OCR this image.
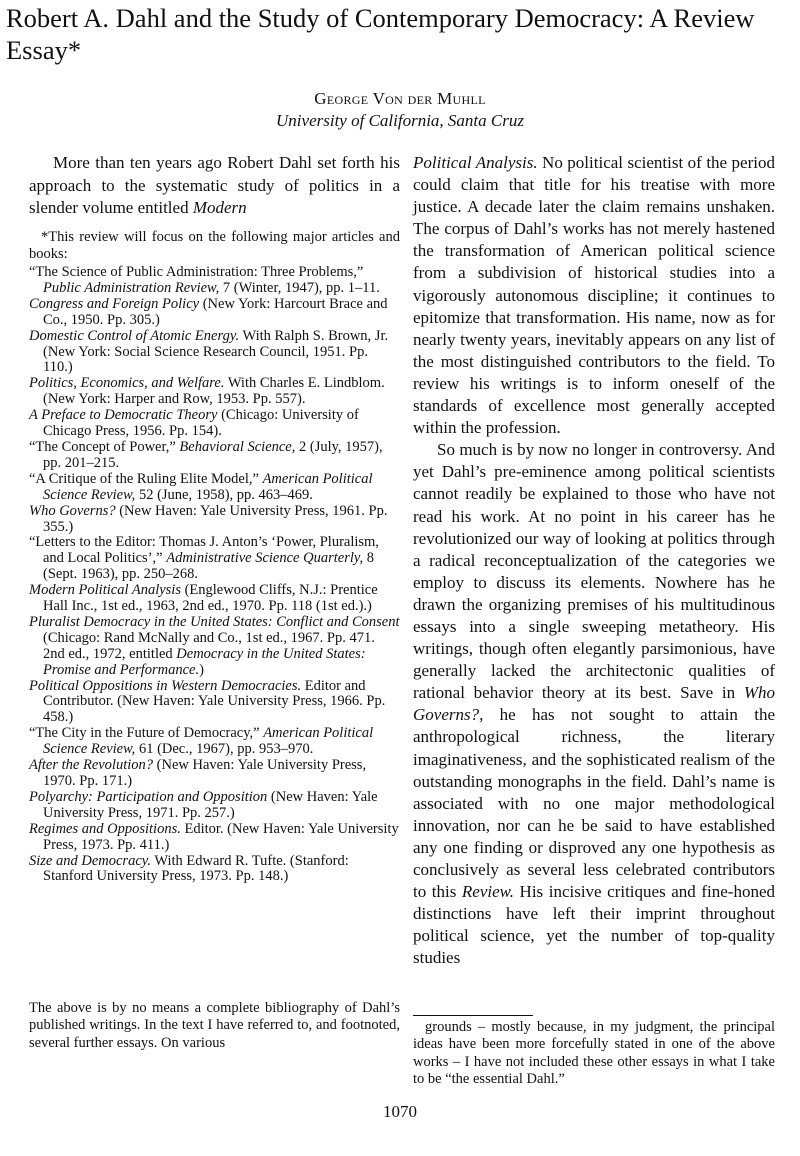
Robert A. Dahl and the Study of Contemporary Democracy: A Review Essay*
George Von der Muhll
University of California, Santa Cruz

More than ten years ago Robert Dahl set forth his approach to the systematic study of politics in a slender volume entitled Modern

*This review will focus on the following major articles and books:

“The Science of Public Administration: Three Problems,” Public Administration Review, 7 (Winter, 1947), pp. 1–11.

Congress and Foreign Policy (New York: Harcourt Brace and Co., 1950. Pp. 305.)

Domestic Control of Atomic Energy. With Ralph S. Brown, Jr. (New York: Social Science Research Council, 1951. Pp. 110.)

Politics, Economics, and Welfare. With Charles E. Lindblom. (New York: Harper and Row, 1953. Pp. 557).

A Preface to Democratic Theory (Chicago: University of Chicago Press, 1956. Pp. 154).

“The Concept of Power,” Behavioral Science, 2 (July, 1957), pp. 201–215.

“A Critique of the Ruling Elite Model,” American Political Science Review, 52 (June, 1958), pp. 463–469.

Who Governs? (New Haven: Yale University Press, 1961. Pp. 355.)

“Letters to the Editor: Thomas J. Anton’s ‘Power, Pluralism, and Local Politics’,” Administrative Science Quarterly, 8 (Sept. 1963), pp. 250–268.

Modern Political Analysis (Englewood Cliffs, N.J.: Prentice Hall Inc., 1st ed., 1963, 2nd ed., 1970. Pp. 118 (1st ed.).)

Pluralist Democracy in the United States: Conflict and Consent (Chicago: Rand McNally and Co., 1st ed., 1967. Pp. 471. 2nd ed., 1972, entitled Democracy in the United States: Promise and Performance.)

Political Oppositions in Western Democracies. Editor and Contributor. (New Haven: Yale University Press, 1966. Pp. 458.)

“The City in the Future of Democracy,” American Political Science Review, 61 (Dec., 1967), pp. 953–970.

After the Revolution? (New Haven: Yale University Press, 1970. Pp. 171.)

Polyarchy: Participation and Opposition (New Haven: Yale University Press, 1971. Pp. 257.)

Regimes and Oppositions. Editor. (New Haven: Yale University Press, 1973. Pp. 411.)

Size and Democracy. With Edward R. Tufte. (Stanford: Stanford University Press, 1973. Pp. 148.)

The above is by no means a complete bibliography of Dahl’s published writings. In the text I have referred to, and footnoted, several further essays. On various

Political Analysis. No political scientist of the period could claim that title for his treatise with more justice. A decade later the claim remains unshaken. The corpus of Dahl’s works has not merely hastened the transformation of American political science from a subdivision of historical studies into a vigorously autonomous discipline; it continues to epitomize that transformation. His name, now as for nearly twenty years, inevitably appears on any list of the most distinguished contributors to the field. To review his writings is to inform oneself of the standards of excellence most generally accepted within the profession.

So much is by now no longer in controversy. And yet Dahl’s pre-eminence among political scientists cannot readily be explained to those who have not read his work. At no point in his career has he revolutionized our way of looking at politics through a radical reconceptualization of the categories we employ to discuss its elements. Nowhere has he drawn the organizing premises of his multitudinous essays into a single sweeping metatheory. His writings, though often elegantly parsimonious, have generally lacked the architectonic qualities of rational behavior theory at its best. Save in Who Governs?, he has not sought to attain the anthropological richness, the literary imaginativeness, and the sophisticated realism of the outstanding monographs in the field. Dahl’s name is associated with no one major methodological innovation, nor can he be said to have established any one finding or disproved any one hypothesis as conclusively as several less celebrated contributors to this Review. His incisive critiques and fine-honed distinctions have left their imprint throughout political science, yet the number of top-quality studies

grounds – mostly because, in my judgment, the principal ideas have been more forcefully stated in one of the above works – I have not included these other essays in what I take to be “the essential Dahl.”
1070
